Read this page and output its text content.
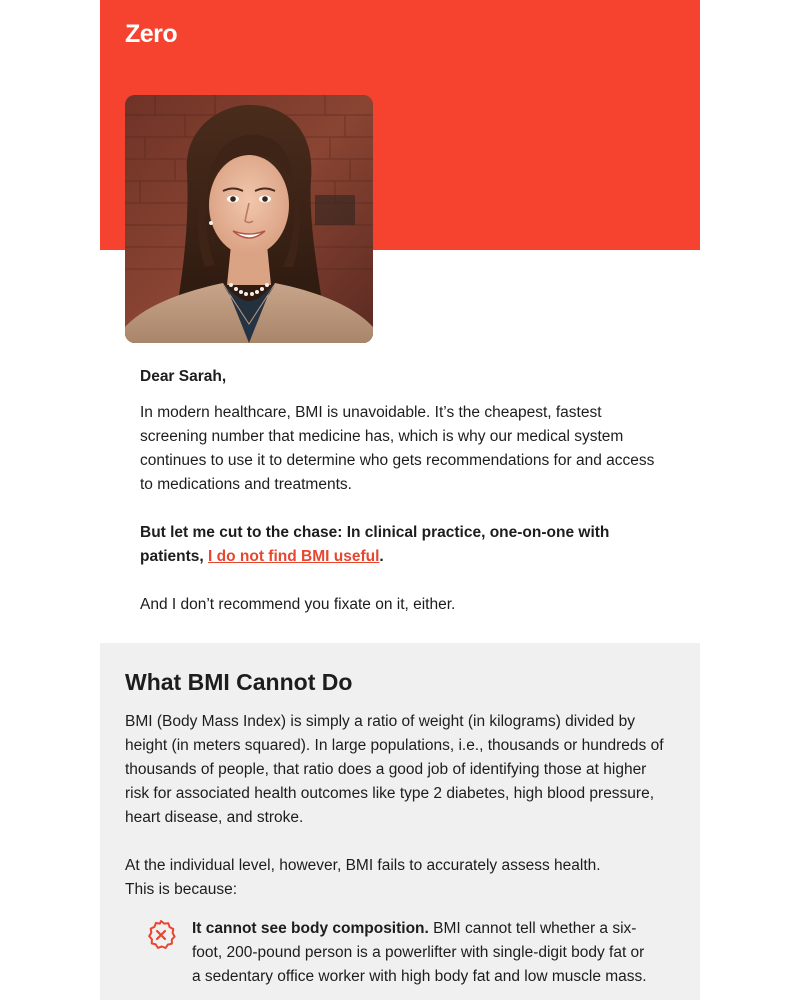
Zero

Dear Sarah,

In modern healthcare, BMI is unavoidable. It’s the cheapest, fastest screening number that medicine has, which is why our medical system continues to use it to determine who gets recommendations for and access to medications and treatments.

But let me cut to the chase: In clinical practice, one-on-one with patients, I do not find BMI useful.

And I don’t recommend you fixate on it, either.

What BMI Cannot Do

BMI (Body Mass Index) is simply a ratio of weight (in kilograms) divided by height (in meters squared). In large populations, i.e., thousands or hundreds of thousands of people, that ratio does a good job of identifying those at higher risk for associated health outcomes like type 2 diabetes, high blood pressure, heart disease, and stroke.

At the individual level, however, BMI fails to accurately assess health.

This is because:

It cannot see body composition. BMI cannot tell whether a six-foot, 200-pound person is a powerlifter with single-digit body fat or a sedentary office worker with high body fat and low muscle mass.
